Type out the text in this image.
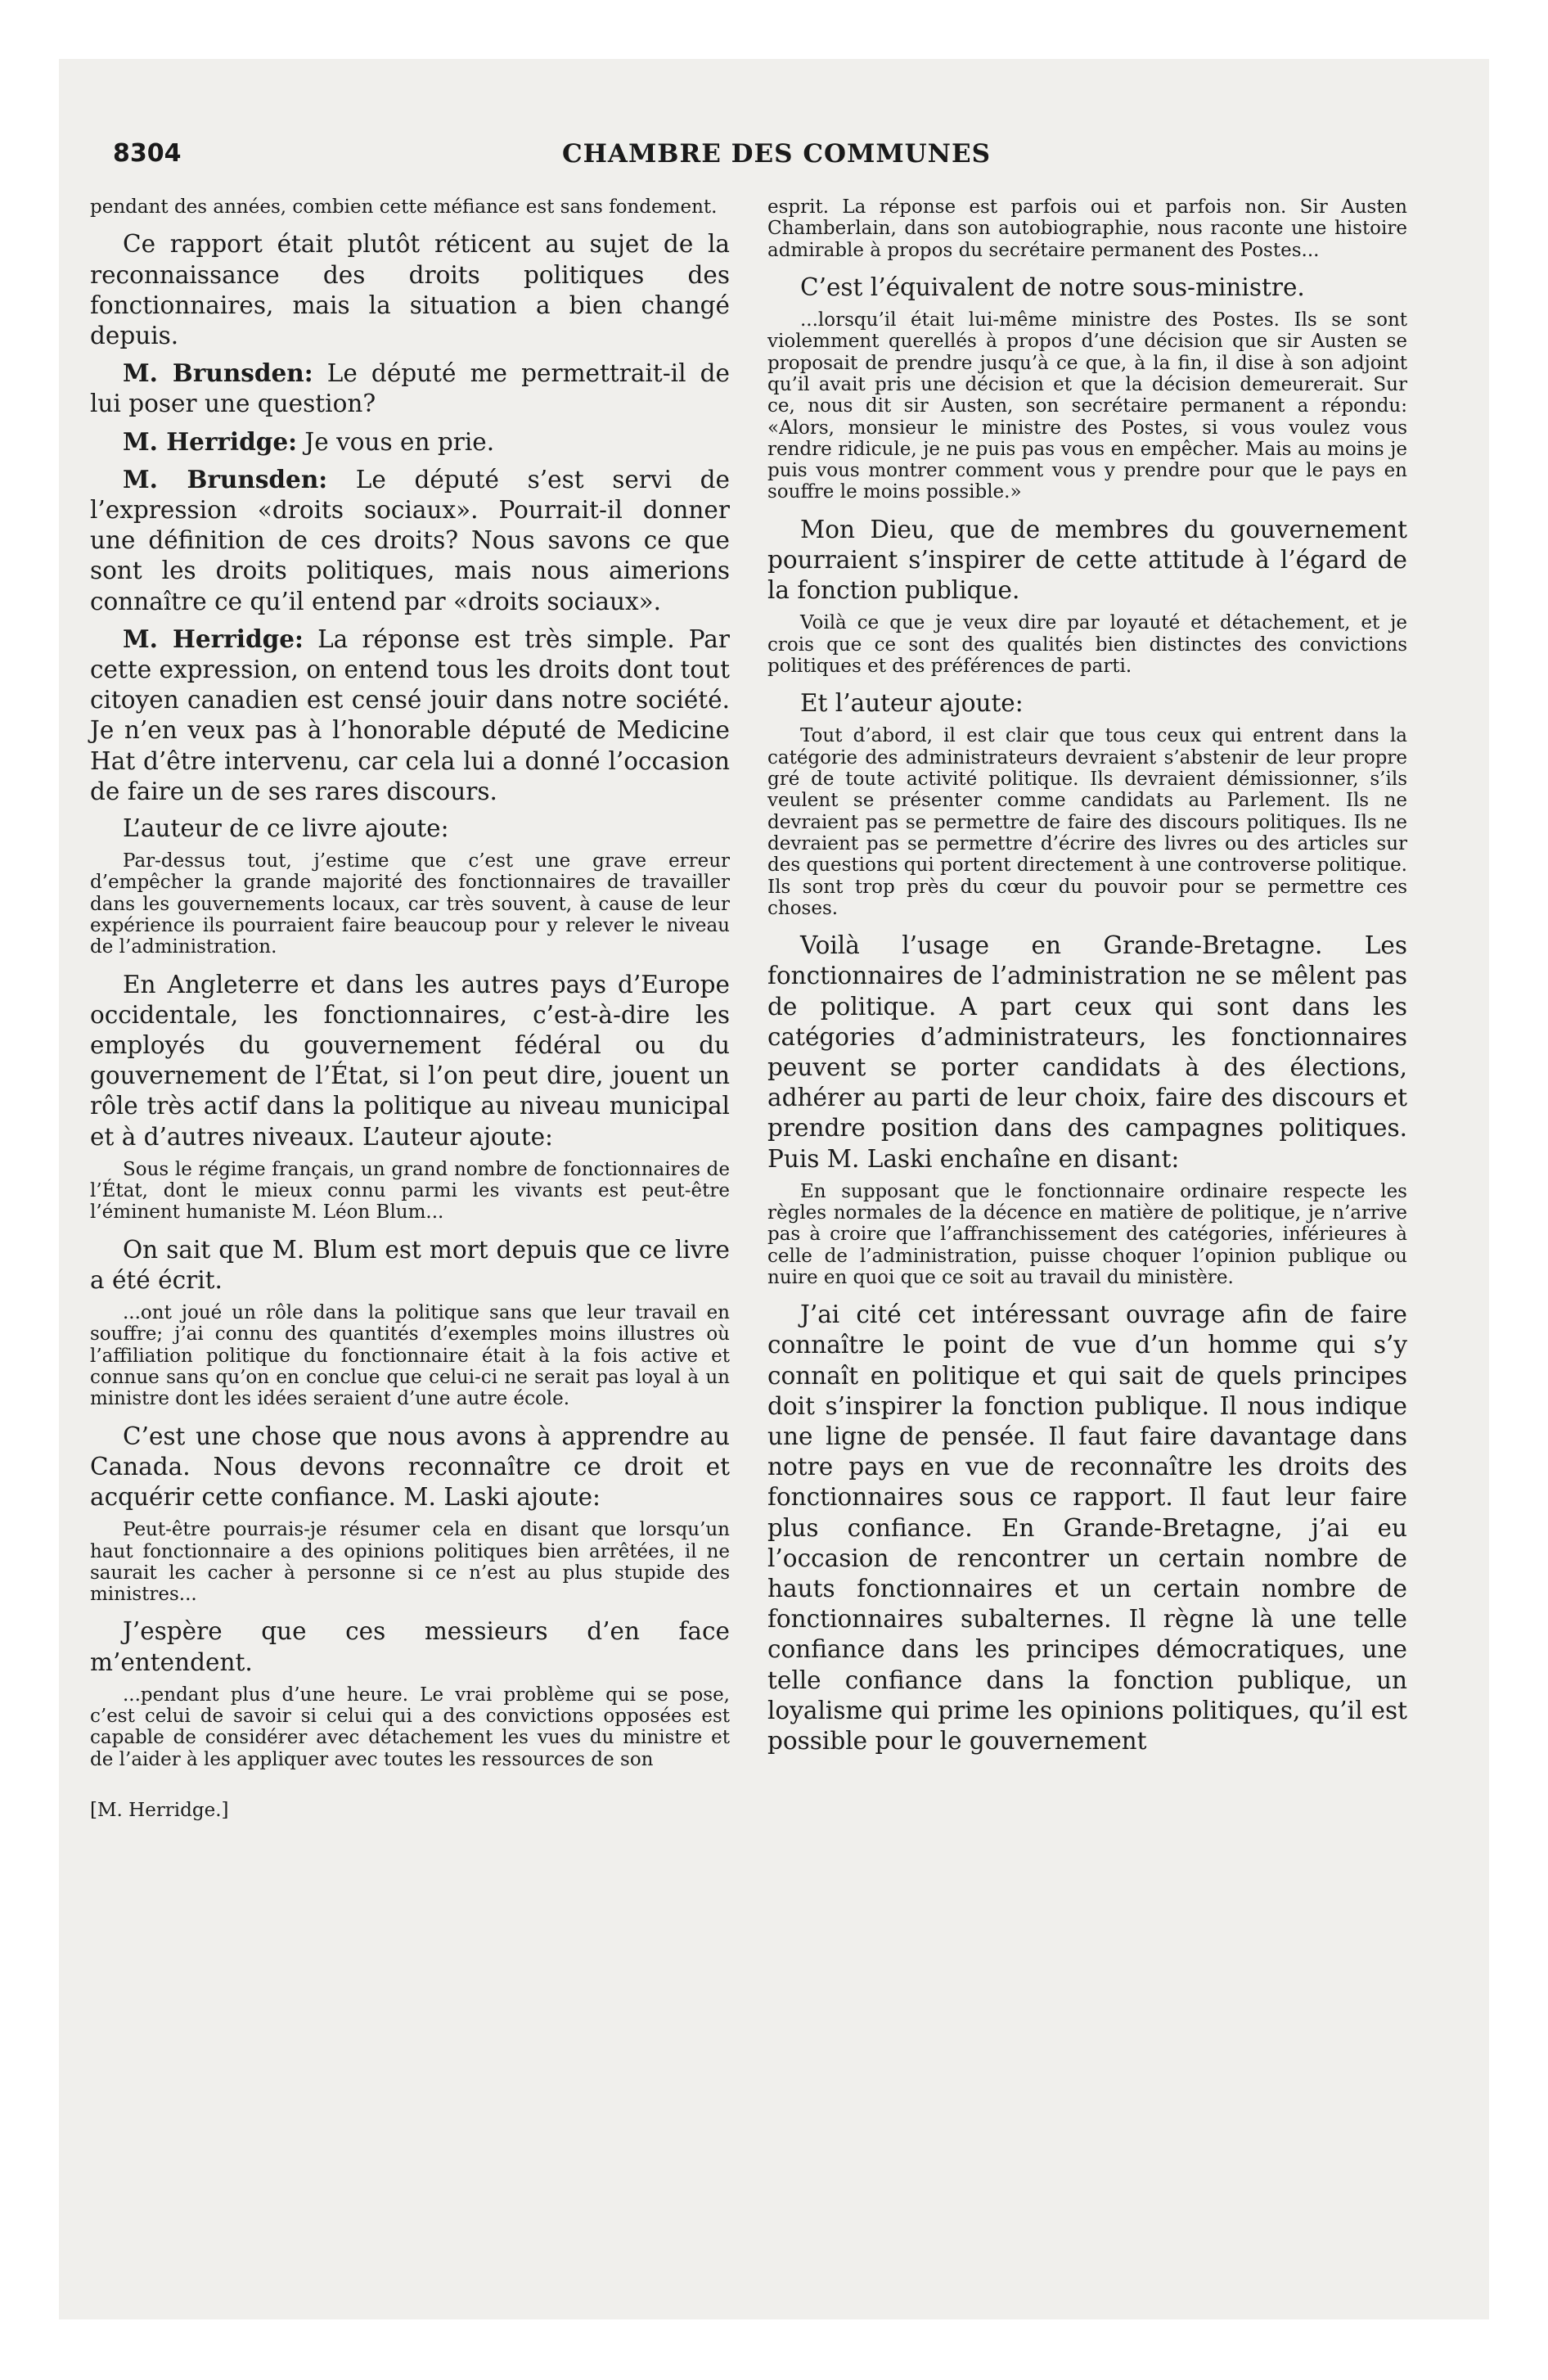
8304	CHAMBRE DES COMMUNES

pendant des années, combien cette méfiance est sans fondement.

Ce rapport était plutôt réticent au sujet de la reconnaissance des droits politiques des fonctionnaires, mais la situation a bien changé depuis.

M. Brunsden: Le député me permettrait-il de lui poser une question?

M. Herridge: Je vous en prie.

M. Brunsden: Le député s’est servi de l’expression «droits sociaux». Pourrait-il donner une définition de ces droits? Nous savons ce que sont les droits politiques, mais nous aimerions connaître ce qu’il entend par «droits sociaux».

M. Herridge: La réponse est très simple. Par cette expression, on entend tous les droits dont tout citoyen canadien est censé jouir dans notre société. Je n’en veux pas à l’honorable député de Medicine Hat d’être intervenu, car cela lui a donné l’occasion de faire un de ses rares discours.

L’auteur de ce livre ajoute:

Par-dessus tout, j’estime que c’est une grave erreur d’empêcher la grande majorité des fonctionnaires de travailler dans les gouvernements locaux, car très souvent, à cause de leur expérience ils pourraient faire beaucoup pour y relever le niveau de l’administration.

En Angleterre et dans les autres pays d’Europe occidentale, les fonctionnaires, c’est-à-dire les employés du gouvernement fédéral ou du gouvernement de l’État, si l’on peut dire, jouent un rôle très actif dans la politique au niveau municipal et à d’autres niveaux. L’auteur ajoute:

Sous le régime français, un grand nombre de fonctionnaires de l’État, dont le mieux connu parmi les vivants est peut-être l’éminent humaniste M. Léon Blum...

On sait que M. Blum est mort depuis que ce livre a été écrit.

...ont joué un rôle dans la politique sans que leur travail en souffre; j’ai connu des quantités d’exemples moins illustres où l’affiliation politique du fonctionnaire était à la fois active et connue sans qu’on en conclue que celui-ci ne serait pas loyal à un ministre dont les idées seraient d’une autre école.

C’est une chose que nous avons à apprendre au Canada. Nous devons reconnaître ce droit et acquérir cette confiance. M. Laski ajoute:

Peut-être pourrais-je résumer cela en disant que lorsqu’un haut fonctionnaire a des opinions politiques bien arrêtées, il ne saurait les cacher à personne si ce n’est au plus stupide des ministres...

J’espère que ces messieurs d’en face m’entendent.

...pendant plus d’une heure. Le vrai problème qui se pose, c’est celui de savoir si celui qui a des convictions opposées est capable de considérer avec détachement les vues du ministre et de l’aider à les appliquer avec toutes les ressources de son

[M. Herridge.]

esprit. La réponse est parfois oui et parfois non. Sir Austen Chamberlain, dans son autobiographie, nous raconte une histoire admirable à propos du secrétaire permanent des Postes...

C’est l’équivalent de notre sous-ministre.

...lorsqu’il était lui-même ministre des Postes. Ils se sont violemment querellés à propos d’une décision que sir Austen se proposait de prendre jusqu’à ce que, à la fin, il dise à son adjoint qu’il avait pris une décision et que la décision demeurerait. Sur ce, nous dit sir Austen, son secrétaire permanent a répondu: «Alors, monsieur le ministre des Postes, si vous voulez vous rendre ridicule, je ne puis pas vous en empêcher. Mais au moins je puis vous montrer comment vous y prendre pour que le pays en souffre le moins possible.»

Mon Dieu, que de membres du gouvernement pourraient s’inspirer de cette attitude à l’égard de la fonction publique.

Voilà ce que je veux dire par loyauté et détachement, et je crois que ce sont des qualités bien distinctes des convictions politiques et des préférences de parti.

Et l’auteur ajoute:

Tout d’abord, il est clair que tous ceux qui entrent dans la catégorie des administrateurs devraient s’abstenir de leur propre gré de toute activité politique. Ils devraient démissionner, s’ils veulent se présenter comme candidats au Parlement. Ils ne devraient pas se permettre de faire des discours politiques. Ils ne devraient pas se permettre d’écrire des livres ou des articles sur des questions qui portent directement à une controverse politique. Ils sont trop près du cœur du pouvoir pour se permettre ces choses.

Voilà l’usage en Grande-Bretagne. Les fonctionnaires de l’administration ne se mêlent pas de politique. A part ceux qui sont dans les catégories d’administrateurs, les fonctionnaires peuvent se porter candidats à des élections, adhérer au parti de leur choix, faire des discours et prendre position dans des campagnes politiques. Puis M. Laski enchaîne en disant:

En supposant que le fonctionnaire ordinaire respecte les règles normales de la décence en matière de politique, je n’arrive pas à croire que l’affranchissement des catégories, inférieures à celle de l’administration, puisse choquer l’opinion publique ou nuire en quoi que ce soit au travail du ministère.

J’ai cité cet intéressant ouvrage afin de faire connaître le point de vue d’un homme qui s’y connaît en politique et qui sait de quels principes doit s’inspirer la fonction publique. Il nous indique une ligne de pensée. Il faut faire davantage dans notre pays en vue de reconnaître les droits des fonctionnaires sous ce rapport. Il faut leur faire plus confiance. En Grande-Bretagne, j’ai eu l’occasion de rencontrer un certain nombre de hauts fonctionnaires et un certain nombre de fonctionnaires subalternes. Il règne là une telle confiance dans les principes démocratiques, une telle confiance dans la fonction publique, un loyalisme qui prime les opinions politiques, qu’il est possible pour le gouvernement
